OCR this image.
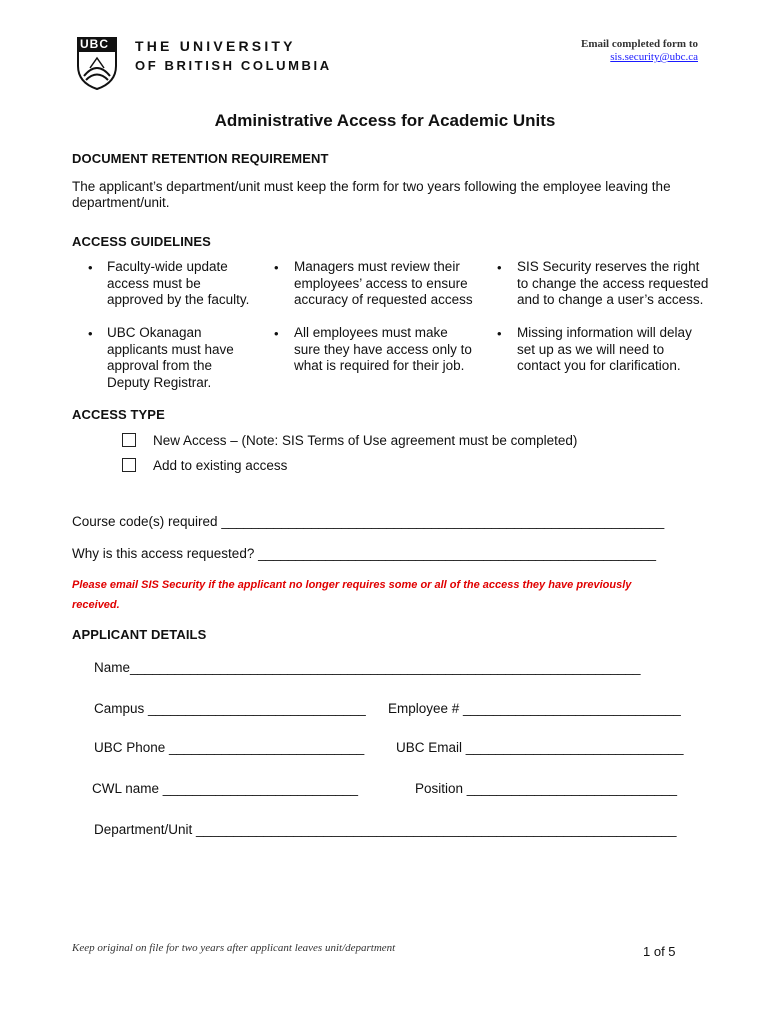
UBC THE UNIVERSITY
OF BRITISH COLUMBIA
Email completed form to
sis.security@ubc.ca
Administrative Access for Academic Units
DOCUMENT RETENTION REQUIREMENT
The applicant’s department/unit must keep the form for two years following the employee leaving the
department/unit.
ACCESS GUIDELINES
• Faculty-wide update
access must be
approved by the faculty.
• Managers must review their
employees’ access to ensure
accuracy of requested access
• SIS Security reserves the right
to change the access requested
and to change a user’s access.
• UBC Okanagan
applicants must have
approval from the
Deputy Registrar.
• All employees must make
sure they have access only to
what is required for their job.
• Missing information will delay
set up as we will need to
contact you for clarification.
ACCESS TYPE
New Access – (Note: SIS Terms of Use agreement must be completed)
Add to existing access
Course code(s) required ___________________________________________________________
Why is this access requested? _____________________________________________________
Please email SIS Security if the applicant no longer requires some or all of the access they have previously
received.
APPLICANT DETAILS
Name____________________________________________________________________
Campus _____________________________ Employee # _____________________________
UBC Phone __________________________ UBC Email _____________________________
CWL name __________________________	Position ____________________________
Department/Unit ________________________________________________________________
Keep original on file for two years after applicant leaves unit/department	1 of 5
